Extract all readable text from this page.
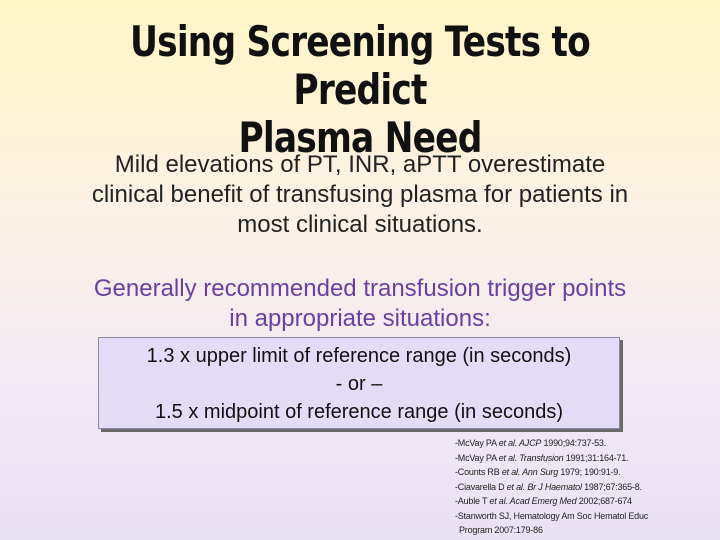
Using Screening Tests to Predict
Plasma Need
Mild elevations of PT, INR, aPTT overestimate
clinical benefit of transfusing plasma for patients in
most clinical situations.
Generally recommended transfusion trigger points
in appropriate situations:
1.3 x upper limit of reference range (in seconds)
- or –
1.5 x midpoint of reference range (in seconds)
-McVay PA et al. AJCP 1990;94:737-53.
-McVay PA et al. Transfusion 1991;31:164-71.
-Counts RB et al. Ann Surg 1979; 190:91-9.
-Ciavarella D et al. Br J Haematol 1987;67:365-8.
-Auble T et al. Acad Emerg Med 2002;687-674
-Stanworth SJ, Hematology Am Soc Hematol Educ
Program 2007:179-86
